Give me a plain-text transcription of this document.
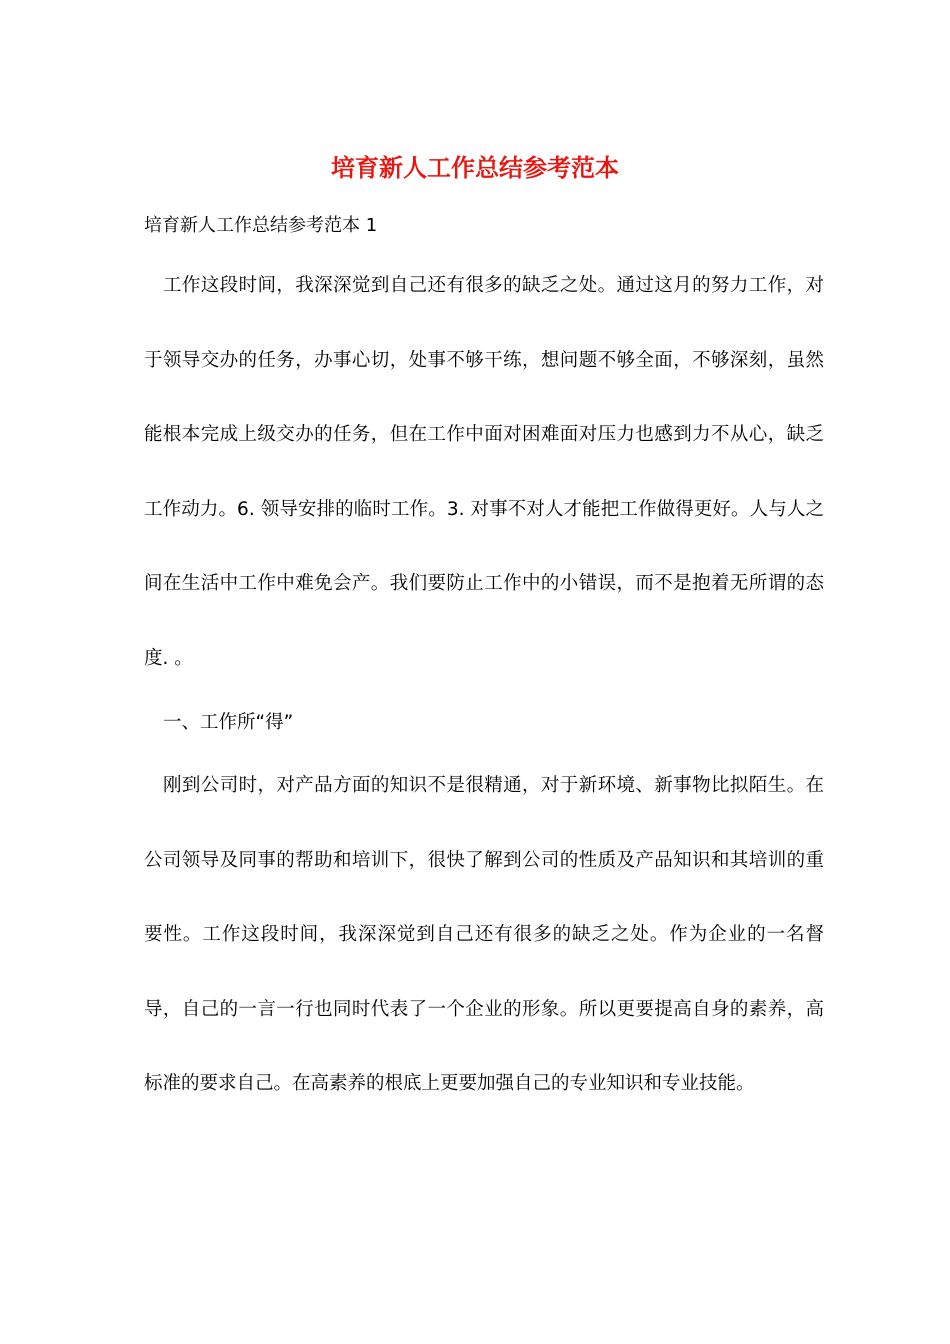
培育新人工作总结参考范本

培育新人工作总结参考范本 1

工作这段时间，我深深觉到自己还有很多的缺乏之处。通过这月的努力工作，对于领导交办的任务，办事心切，处事不够干练，想问题不够全面，不够深刻，虽然能根本完成上级交办的任务，但在工作中面对困难面对压力也感到力不从心，缺乏工作动力。6. 领导安排的临时工作。3. 对事不对人才能把工作做得更好。人与人之间在生活中工作中难免会产。我们要防止工作中的小错误，而不是抱着无所谓的态度. 。

一、工作所“得”

刚到公司时，对产品方面的知识不是很精通，对于新环境、新事物比拟陌生。在公司领导及同事的帮助和培训下，很快了解到公司的性质及产品知识和其培训的重要性。工作这段时间，我深深觉到自己还有很多的缺乏之处。作为企业的一名督导，自己的一言一行也同时代表了一个企业的形象。所以更要提高自身的素养，高标准的要求自己。在高素养的根底上更要加强自己的专业知识和专业技能。
